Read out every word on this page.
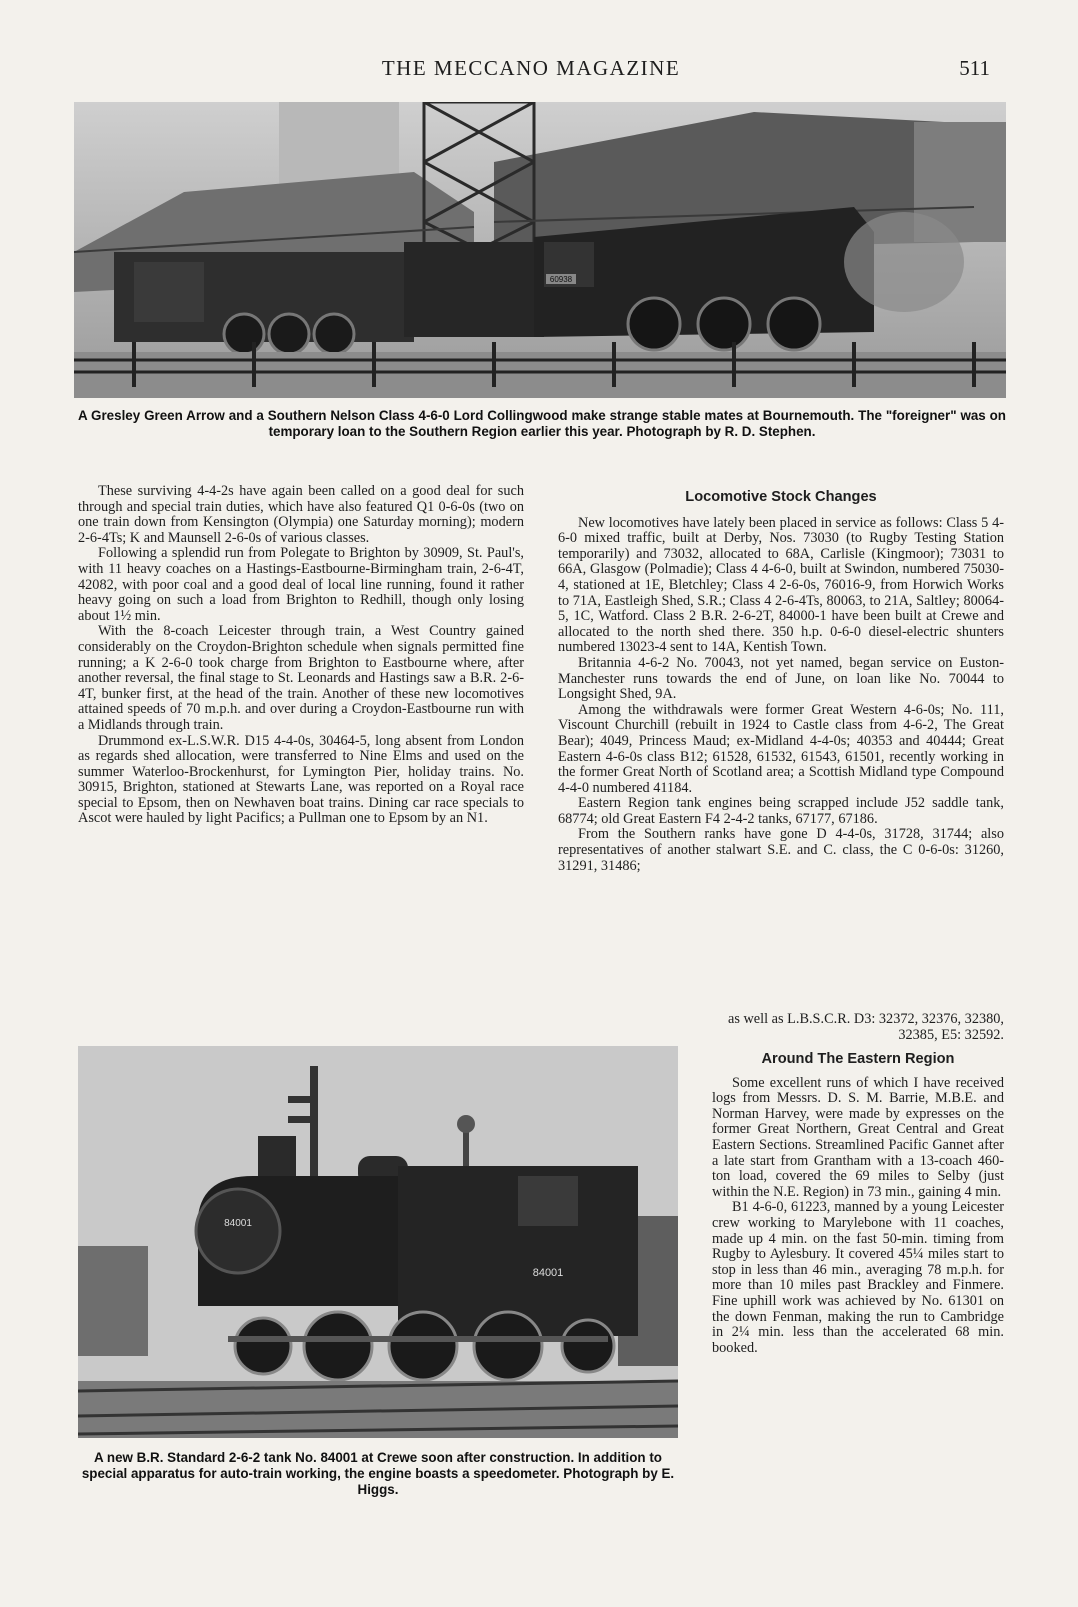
THE MECCANO MAGAZINE	511
60938
A Gresley Green Arrow and a Southern Nelson Class 4-6-0 Lord Collingwood make strange stable mates at Bournemouth. The "foreigner" was on temporary loan to the Southern Region earlier this year. Photograph by R. D. Stephen.

These surviving 4-4-2s have again been called on a good deal for such through and special train duties, which have also featured Q1 0-6-0s (two on one train down from Kensington (Olympia) one Saturday morning); modern 2-6-4Ts; K and Maunsell 2-6-0s of various classes.

Following a splendid run from Polegate to Brighton by 30909, St. Paul's, with 11 heavy coaches on a Hastings-Eastbourne-Birmingham train, 2-6-4T, 42082, with poor coal and a good deal of local line running, found it rather heavy going on such a load from Brighton to Redhill, though only losing about 1½ min.

With the 8-coach Leicester through train, a West Country gained considerably on the Croydon-Brighton schedule when signals permitted fine running; a K 2-6-0 took charge from Brighton to Eastbourne where, after another reversal, the final stage to St. Leonards and Hastings saw a B.R. 2-6-4T, bunker first, at the head of the train. Another of these new locomotives attained speeds of 70 m.p.h. and over during a Croydon-Eastbourne run with a Midlands through train.

Drummond ex-L.S.W.R. D15 4-4-0s, 30464-5, long absent from London as regards shed allocation, were transferred to Nine Elms and used on the summer Waterloo-Brockenhurst, for Lymington Pier, holiday trains. No. 30915, Brighton, stationed at Stewarts Lane, was reported on a Royal race special to Epsom, then on Newhaven boat trains. Dining car race specials to Ascot were hauled by light Pacifics; a Pullman one to Epsom by an N1.

Locomotive Stock Changes

New locomotives have lately been placed in service as follows: Class 5 4-6-0 mixed traffic, built at Derby, Nos. 73030 (to Rugby Testing Station temporarily) and 73032, allocated to 68A, Carlisle (Kingmoor); 73031 to 66A, Glasgow (Polmadie); Class 4 4-6-0, built at Swindon, numbered 75030-4, stationed at 1E, Bletchley; Class 4 2-6-0s, 76016-9, from Horwich Works to 71A, Eastleigh Shed, S.R.; Class 4 2-6-4Ts, 80063, to 21A, Saltley; 80064-5, 1C, Watford. Class 2 B.R. 2-6-2T, 84000-1 have been built at Crewe and allocated to the north shed there. 350 h.p. 0-6-0 diesel-electric shunters numbered 13023-4 sent to 14A, Kentish Town.

Britannia 4-6-2 No. 70043, not yet named, began service on Euston-Manchester runs towards the end of June, on loan like No. 70044 to Longsight Shed, 9A.

Among the withdrawals were former Great Western 4-6-0s; No. 111, Viscount Churchill (rebuilt in 1924 to Castle class from 4-6-2, The Great Bear); 4049, Princess Maud; ex-Midland 4-4-0s; 40353 and 40444; Great Eastern 4-6-0s class B12; 61528, 61532, 61543, 61501, recently working in the former Great North of Scotland area; a Scottish Midland type Compound 4-4-0 numbered 41184.

Eastern Region tank engines being scrapped include J52 saddle tank, 68774; old Great Eastern F4 2-4-2 tanks, 67177, 67186.

From the Southern ranks have gone D 4-4-0s, 31728, 31744; also representatives of another stalwart S.E. and C. class, the C 0-6-0s: 31260, 31291, 31486;

as well as L.B.S.C.R. D3: 32372, 32376, 32380, 32385, E5: 32592.
84001
84001
A new B.R. Standard 2-6-2 tank No. 84001 at Crewe soon after construction. In addition to special apparatus for auto-train working, the engine boasts a speedometer. Photograph by E. Higgs.
Around The Eastern Region

Some excellent runs of which I have received logs from Messrs. D. S. M. Barrie, M.B.E. and Norman Harvey, were made by expresses on the former Great Northern, Great Central and Great Eastern Sections. Streamlined Pacific Gannet after a late start from Grantham with a 13-coach 460-ton load, covered the 69 miles to Selby (just within the N.E. Region) in 73 min., gaining 4 min.

B1 4-6-0, 61223, manned by a young Leicester crew working to Marylebone with 11 coaches, made up 4 min. on the fast 50-min. timing from Rugby to Aylesbury. It covered 45¼ miles start to stop in less than 46 min., averaging 78 m.p.h. for more than 10 miles past Brackley and Finmere. Fine uphill work was achieved by No. 61301 on the down Fenman, making the run to Cambridge in 2¼ min. less than the accelerated 68 min. booked.
